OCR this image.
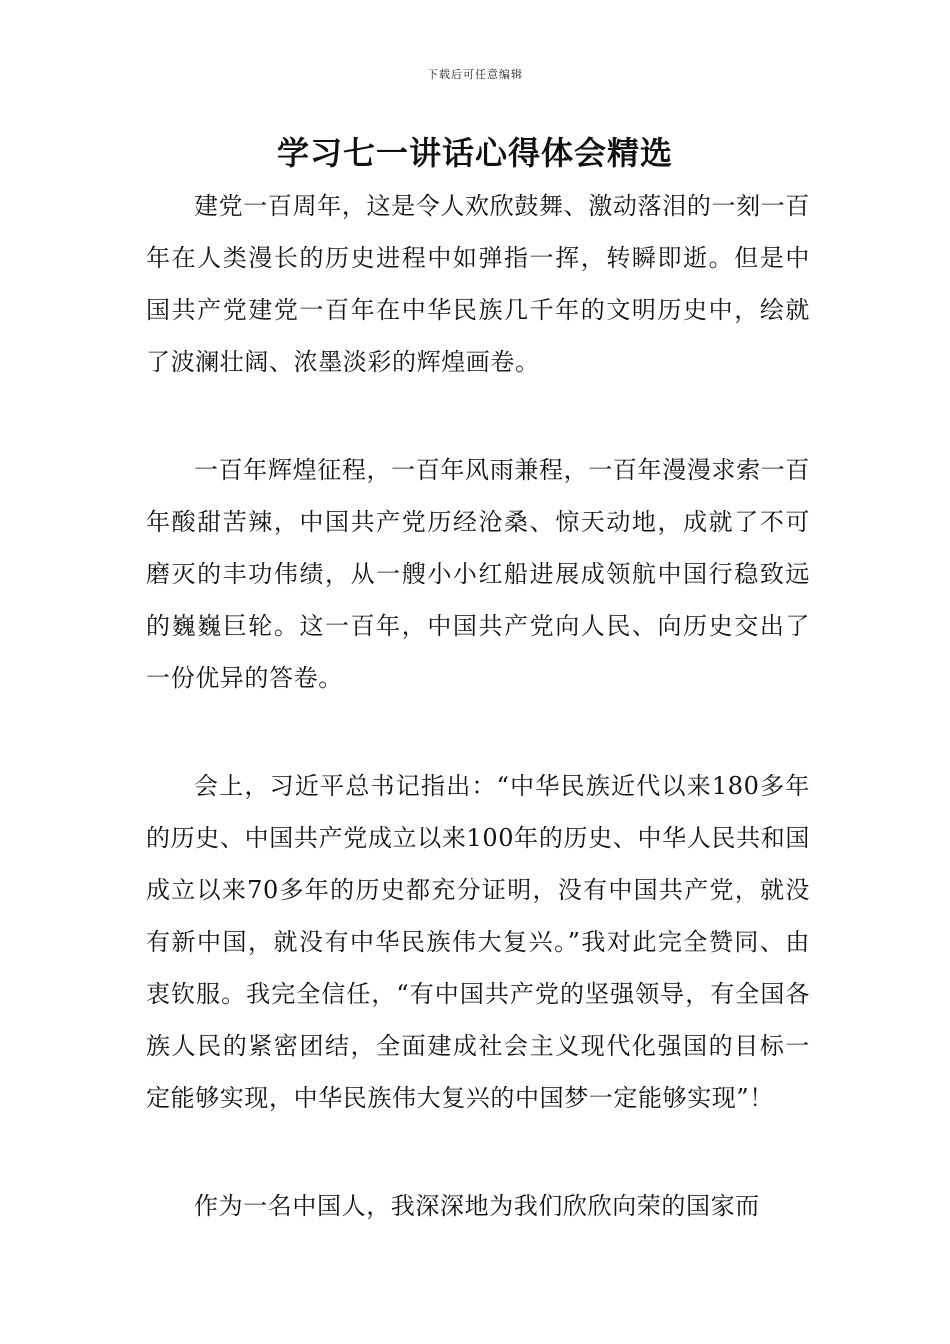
下载后可任意编辑
学习七一讲话心得体会精选

建党一百周年，这是令人欢欣鼓舞、激动落泪的一刻一百年在人类漫长的历史进程中如弹指一挥，转瞬即逝。但是中国共产党建党一百年在中华民族几千年的文明历史中，绘就了波澜壮阔、浓墨淡彩的辉煌画卷。

一百年辉煌征程，一百年风雨兼程，一百年漫漫求索一百年酸甜苦辣，中国共产党历经沧桑、惊天动地，成就了不可磨灭的丰功伟绩，从一艘小小红船进展成领航中国行稳致远的巍巍巨轮。这一百年，中国共产党向人民、向历史交出了一份优异的答卷。

会上，习近平总书记指出：“中华民族近代以来180多年的历史、中国共产党成立以来100年的历史、中华人民共和国成立以来70多年的历史都充分证明，没有中国共产党，就没有新中国，就没有中华民族伟大复兴。”我对此完全赞同、由衷钦服。我完全信任，“有中国共产党的坚强领导，有全国各族人民的紧密团结，全面建成社会主义现代化强国的目标一定能够实现，中华民族伟大复兴的中国梦一定能够实现”！

作为一名中国人，我深深地为我们欣欣向荣的国家而
